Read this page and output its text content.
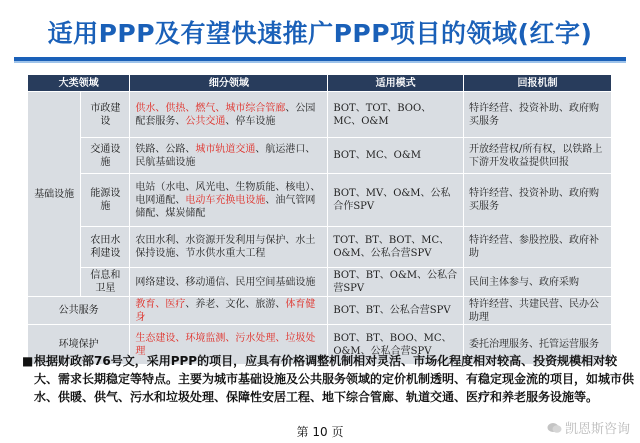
适用PPP及有望快速推广PPP项目的领域(红字)
大类领域		细分领域	适用模式	回报机制
基础设施	市政建设	供水、供热、燃气、城市综合管廊、公园配套服务、公共交通、停车设施	BOT、TOT、BOO、MC、O&M	特许经营、投资补助、政府购买服务
	交通设施	铁路、公路、城市轨道交通、航运港口、民航基础设施	BOT、MC、O&M	开放经营权/所有权，以铁路上下游开发收益提供回报
	能源设施	电站（水电、风光电、生物质能、核电）、电网通配、电动车充换电设施、油气管网储配、煤炭储配	BOT、MV、O&M、公私合作SPV	特许经营、投资补助、政府购买服务
	农田水利建设	农田水利、水资源开发利用与保护、水土保持设施、节水供水重大工程	TOT、BT、BOT、MC、O&M、公私合营SPV	特许经营、参股控股、政府补助
	信息和卫星	网络建设、移动通信、民用空间基础设施	BOT、BT、O&M、公私合营SPV	民间主体参与、政府采购
公共服务		教育、医疗、养老、文化、旅游、体育健身	BOT、BT、公私合营SPV	特许经营、共建民营、民办公助理
环境保护		生态建设、环境监测、污水处理、垃圾处理	BOT、BT、BOO、MC、O&M、公私合营SPV	委托治理服务、托管运营服务
■根据财政部76号文，采用PPP的项目，应具有价格调整机制相对灵活、市场化程度相对较高、投资规模相对较大、需求长期稳定等特点。主要为城市基础设施及公共服务领域的定价机制透明、有稳定现金流的项目，如城市供水、供暖、供气、污水和垃圾处理、保障性安居工程、地下综合管廊、轨道交通、医疗和养老服务设施等。
第 10 页	凯恩斯咨询
